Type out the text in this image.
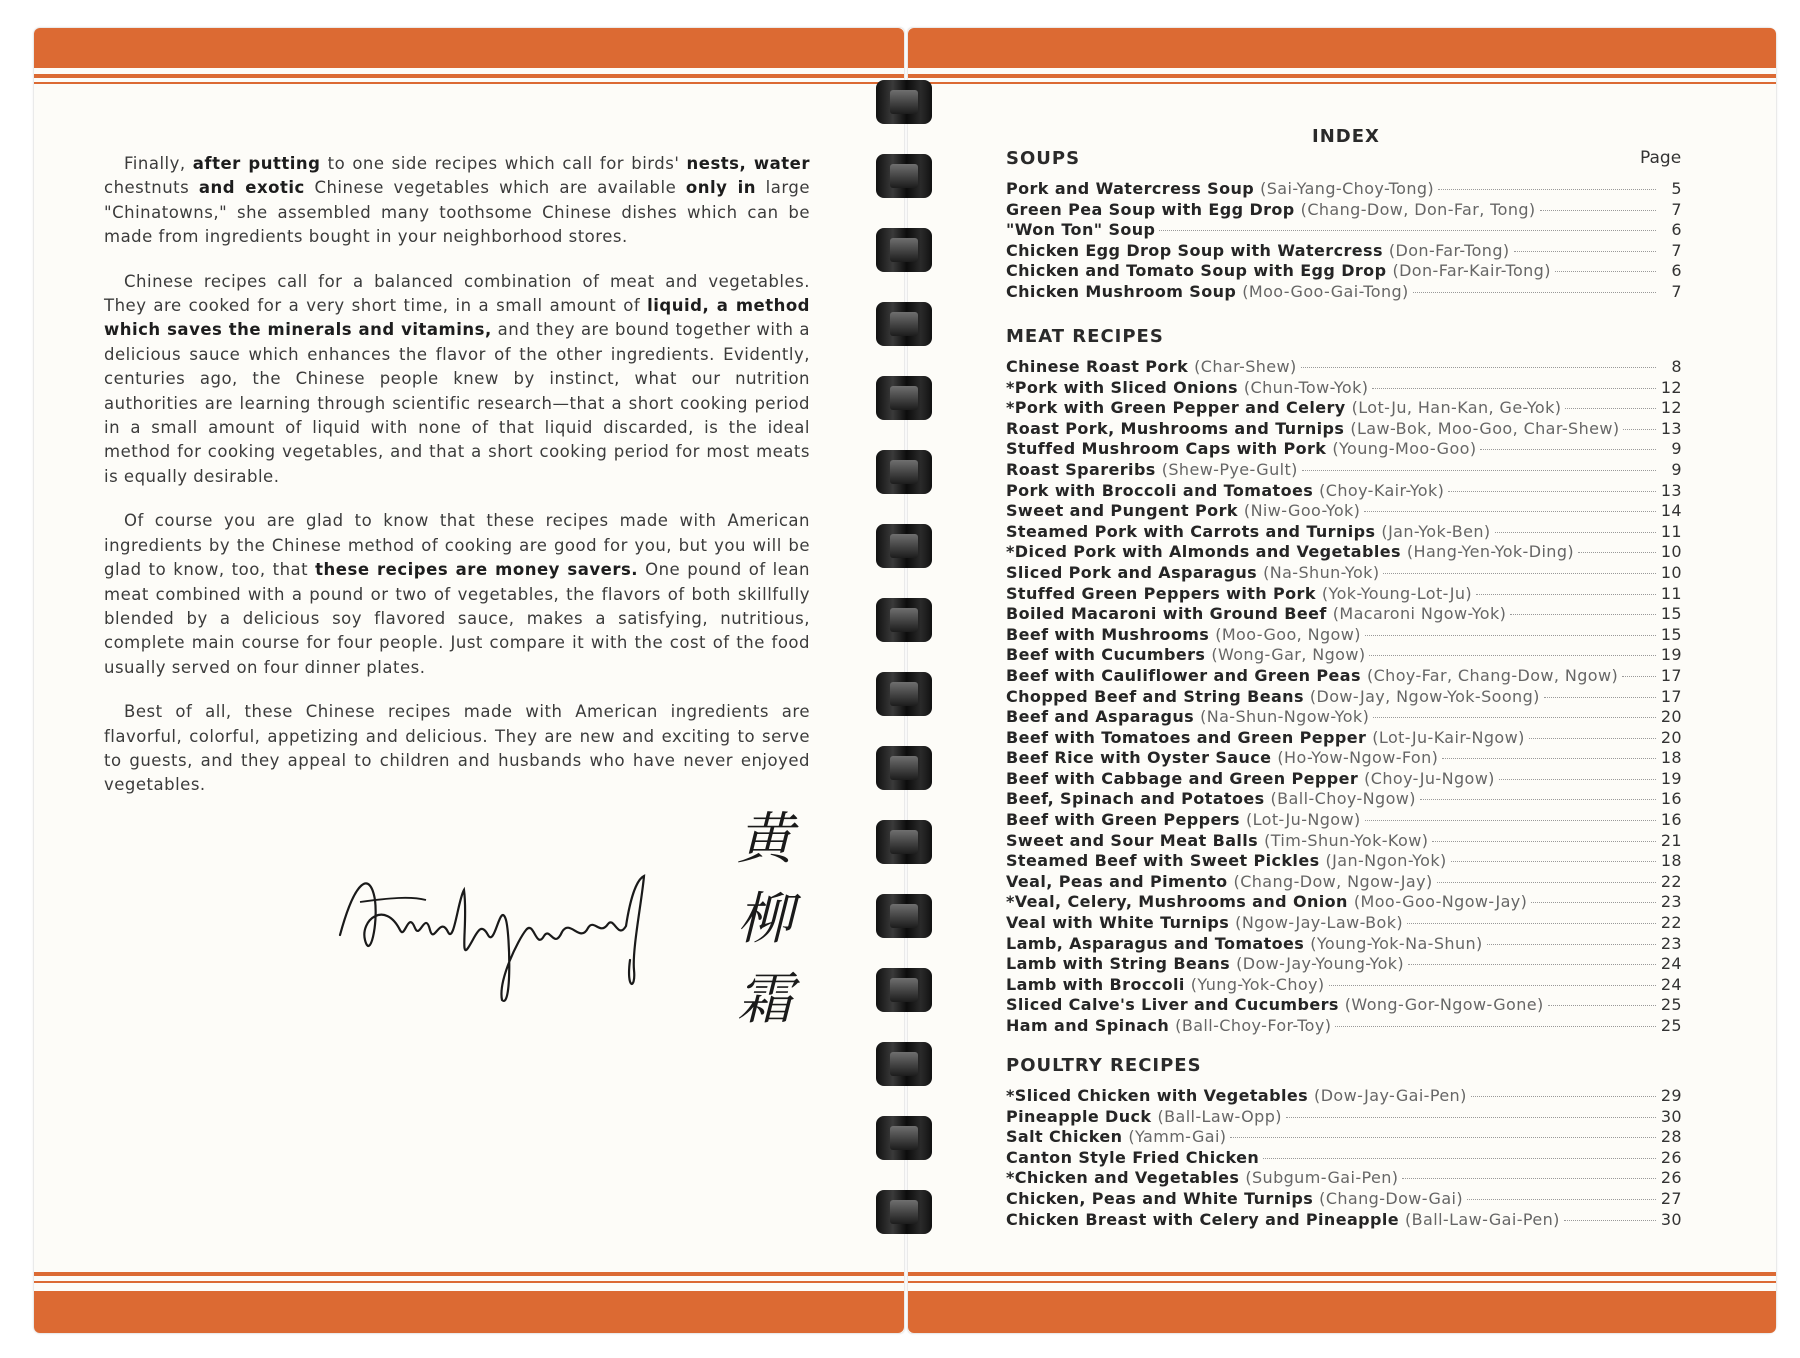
Finally, after putting to one side recipes which call for birds' nests, water chestnuts and exotic Chinese vegetables which are available only in large "Chinatowns," she assembled many toothsome Chinese dishes which can be made from ingredients bought in your neighborhood stores.

Chinese recipes call for a balanced combination of meat and vegetables. They are cooked for a very short time, in a small amount of liquid, a method which saves the minerals and vitamins, and they are bound together with a delicious sauce which enhances the flavor of the other ingredients. Evidently, centuries ago, the Chinese people knew by instinct, what our nutrition authorities are learning through scientific research—that a short cooking period in a small amount of liquid with none of that liquid discarded, is the ideal method for cooking vegetables, and that a short cooking period for most meats is equally desirable.

Of course you are glad to know that these recipes made with American ingredients by the Chinese method of cooking are good for you, but you will be glad to know, too, that these recipes are money savers. One pound of lean meat combined with a pound or two of vegetables, the flavors of both skillfully blended by a delicious soy flavored sauce, makes a satisfying, nutritious, complete main course for four people. Just compare it with the cost of the food usually served on four dinner plates.

Best of all, these Chinese recipes made with American ingredients are flavorful, colorful, appetizing and delicious. They are new and exciting to serve to guests, and they appeal to children and husbands who have never enjoyed vegetables.

黄
柳
霜
INDEX
Page
SOUPS
Pork and Watercress Soup (Sai-Yang-Choy-Tong)	5
Green Pea Soup with Egg Drop (Chang-Dow, Don-Far, Tong)	7
"Won Ton" Soup	6
Chicken Egg Drop Soup with Watercress (Don-Far-Tong)	7
Chicken and Tomato Soup with Egg Drop (Don-Far-Kair-Tong)	6
Chicken Mushroom Soup (Moo-Goo-Gai-Tong)	7
MEAT RECIPES
Chinese Roast Pork (Char-Shew)	8
*Pork with Sliced Onions (Chun-Tow-Yok)	12
*Pork with Green Pepper and Celery (Lot-Ju, Han-Kan, Ge-Yok)	12
Roast Pork, Mushrooms and Turnips (Law-Bok, Moo-Goo, Char-Shew)	13
Stuffed Mushroom Caps with Pork (Young-Moo-Goo)	9
Roast Spareribs (Shew-Pye-Gult)	9
Pork with Broccoli and Tomatoes (Choy-Kair-Yok)	13
Sweet and Pungent Pork (Niw-Goo-Yok)	14
Steamed Pork with Carrots and Turnips (Jan-Yok-Ben)	11
*Diced Pork with Almonds and Vegetables (Hang-Yen-Yok-Ding)	10
Sliced Pork and Asparagus (Na-Shun-Yok)	10
Stuffed Green Peppers with Pork (Yok-Young-Lot-Ju)	11
Boiled Macaroni with Ground Beef (Macaroni Ngow-Yok)	15
Beef with Mushrooms (Moo-Goo, Ngow)	15
Beef with Cucumbers (Wong-Gar, Ngow)	19
Beef with Cauliflower and Green Peas (Choy-Far, Chang-Dow, Ngow)	17
Chopped Beef and String Beans (Dow-Jay, Ngow-Yok-Soong)	17
Beef and Asparagus (Na-Shun-Ngow-Yok)	20
Beef with Tomatoes and Green Pepper (Lot-Ju-Kair-Ngow)	20
Beef Rice with Oyster Sauce (Ho-Yow-Ngow-Fon)	18
Beef with Cabbage and Green Pepper (Choy-Ju-Ngow)	19
Beef, Spinach and Potatoes (Ball-Choy-Ngow)	16
Beef with Green Peppers (Lot-Ju-Ngow)	16
Sweet and Sour Meat Balls (Tim-Shun-Yok-Kow)	21
Steamed Beef with Sweet Pickles (Jan-Ngon-Yok)	18
Veal, Peas and Pimento (Chang-Dow, Ngow-Jay)	22
*Veal, Celery, Mushrooms and Onion (Moo-Goo-Ngow-Jay)	23
Veal with White Turnips (Ngow-Jay-Law-Bok)	22
Lamb, Asparagus and Tomatoes (Young-Yok-Na-Shun)	23
Lamb with String Beans (Dow-Jay-Young-Yok)	24
Lamb with Broccoli (Yung-Yok-Choy)	24
Sliced Calve's Liver and Cucumbers (Wong-Gor-Ngow-Gone)	25
Ham and Spinach (Ball-Choy-For-Toy)	25
POULTRY RECIPES
*Sliced Chicken with Vegetables (Dow-Jay-Gai-Pen)	29
Pineapple Duck (Ball-Law-Opp)	30
Salt Chicken (Yamm-Gai)	28
Canton Style Fried Chicken	26
*Chicken and Vegetables (Subgum-Gai-Pen)	26
Chicken, Peas and White Turnips (Chang-Dow-Gai)	27
Chicken Breast with Celery and Pineapple (Ball-Law-Gai-Pen)	30
